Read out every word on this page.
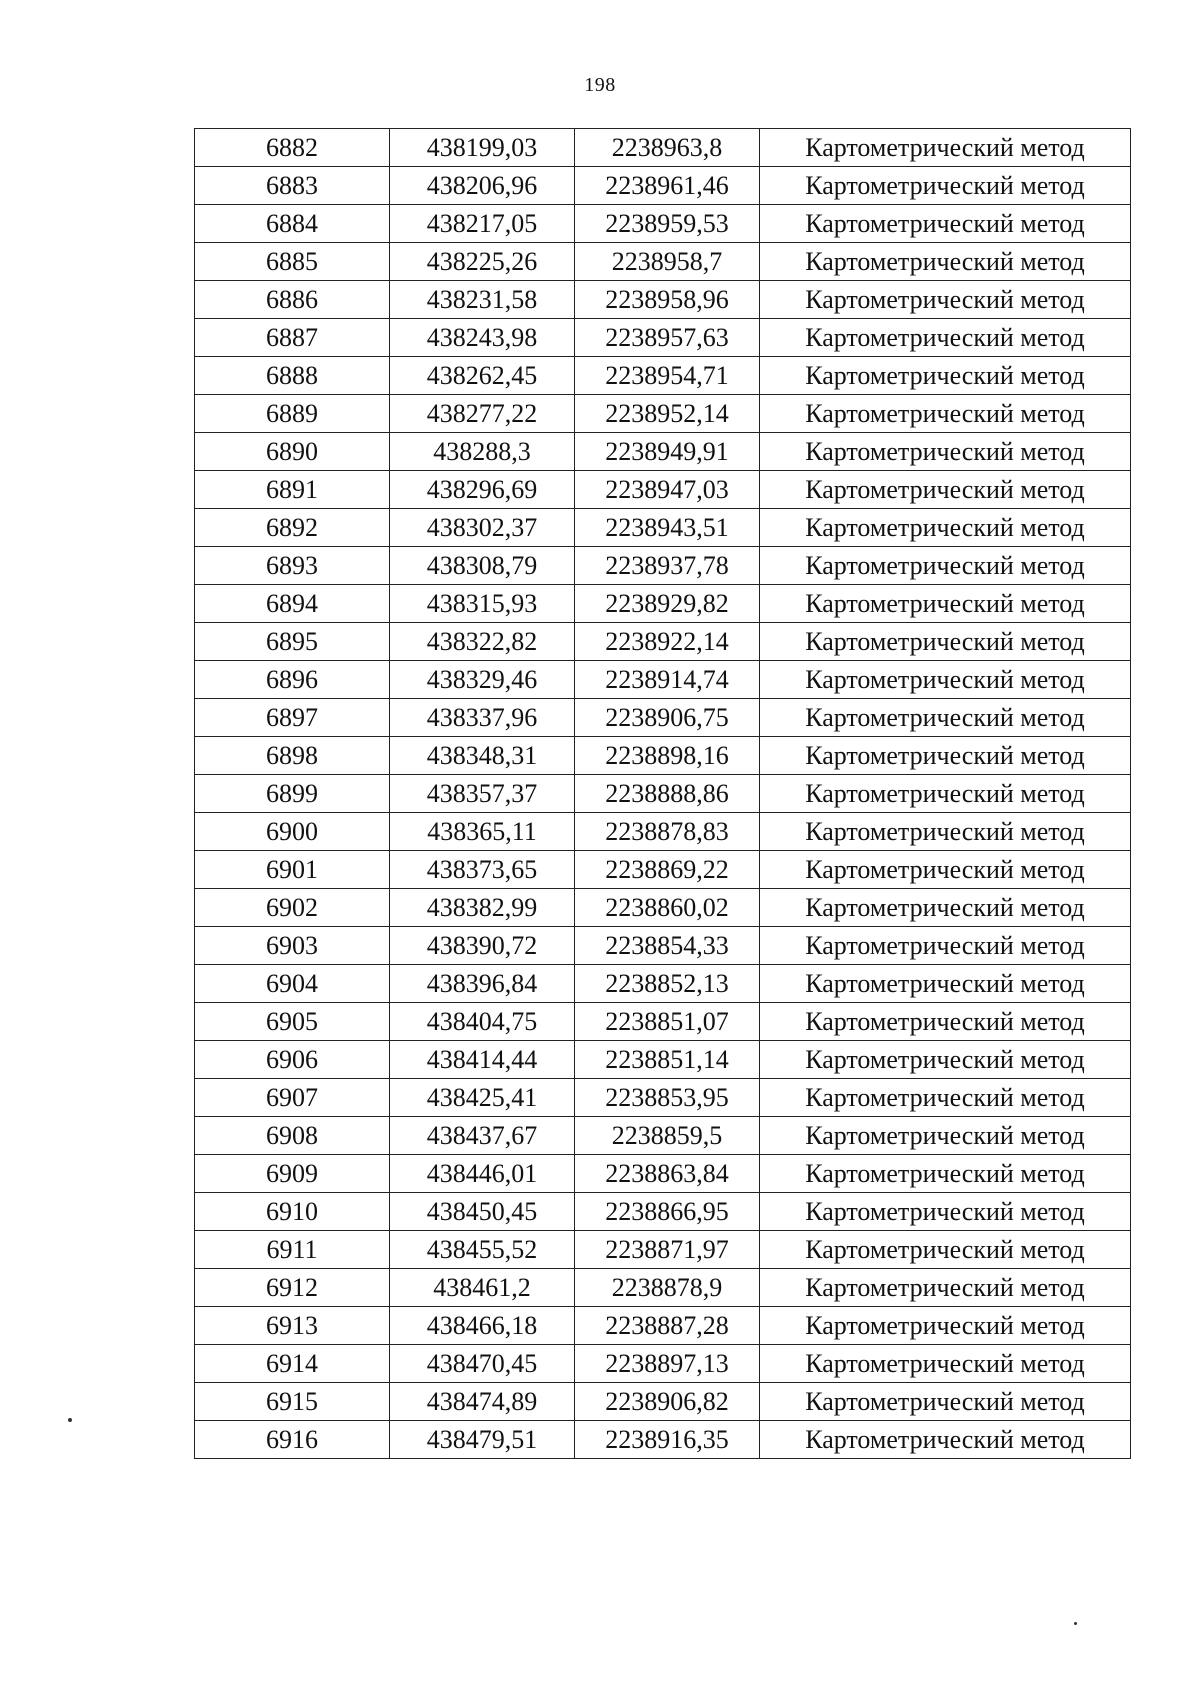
198
6882	438199,03	2238963,8	Картометрический метод
6883	438206,96	2238961,46	Картометрический метод
6884	438217,05	2238959,53	Картометрический метод
6885	438225,26	2238958,7	Картометрический метод
6886	438231,58	2238958,96	Картометрический метод
6887	438243,98	2238957,63	Картометрический метод
6888	438262,45	2238954,71	Картометрический метод
6889	438277,22	2238952,14	Картометрический метод
6890	438288,3	2238949,91	Картометрический метод
6891	438296,69	2238947,03	Картометрический метод
6892	438302,37	2238943,51	Картометрический метод
6893	438308,79	2238937,78	Картометрический метод
6894	438315,93	2238929,82	Картометрический метод
6895	438322,82	2238922,14	Картометрический метод
6896	438329,46	2238914,74	Картометрический метод
6897	438337,96	2238906,75	Картометрический метод
6898	438348,31	2238898,16	Картометрический метод
6899	438357,37	2238888,86	Картометрический метод
6900	438365,11	2238878,83	Картометрический метод
6901	438373,65	2238869,22	Картометрический метод
6902	438382,99	2238860,02	Картометрический метод
6903	438390,72	2238854,33	Картометрический метод
6904	438396,84	2238852,13	Картометрический метод
6905	438404,75	2238851,07	Картометрический метод
6906	438414,44	2238851,14	Картометрический метод
6907	438425,41	2238853,95	Картометрический метод
6908	438437,67	2238859,5	Картометрический метод
6909	438446,01	2238863,84	Картометрический метод
6910	438450,45	2238866,95	Картометрический метод
6911	438455,52	2238871,97	Картометрический метод
6912	438461,2	2238878,9	Картометрический метод
6913	438466,18	2238887,28	Картометрический метод
6914	438470,45	2238897,13	Картометрический метод
6915	438474,89	2238906,82	Картометрический метод
6916	438479,51	2238916,35	Картометрический метод
